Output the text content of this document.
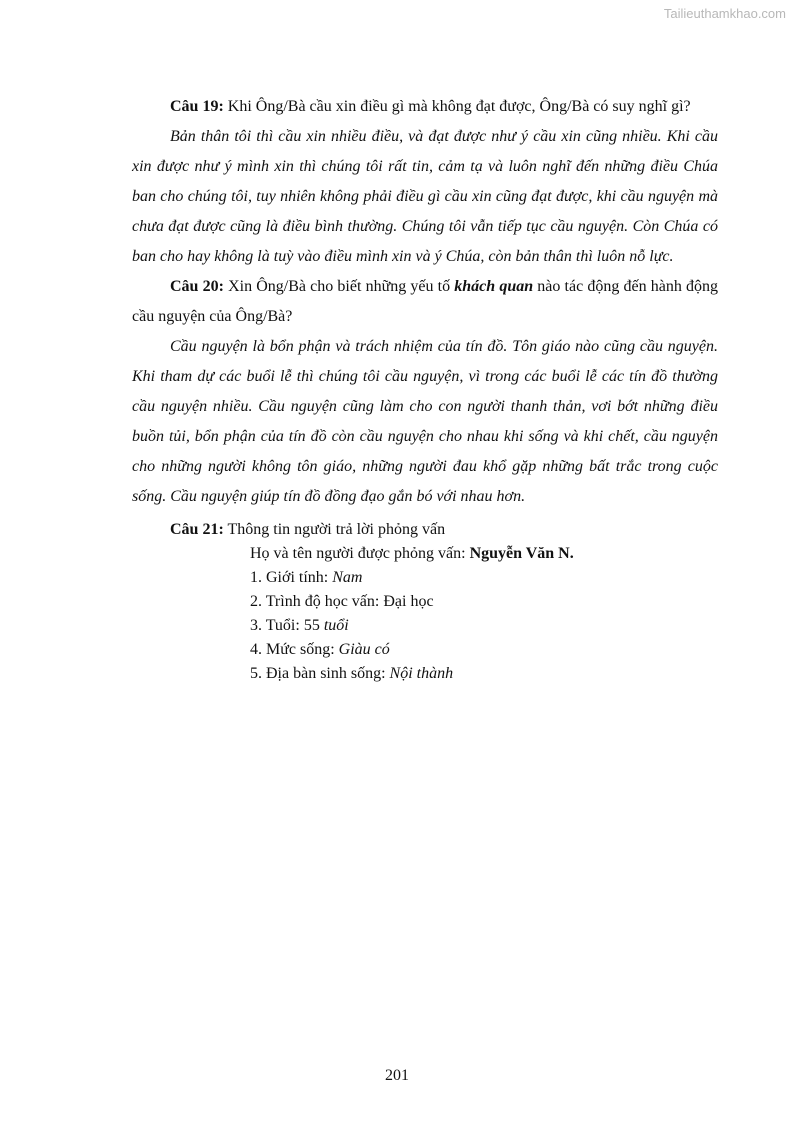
Tailieuthamkhao.com

Câu 19: Khi Ông/Bà cầu xin điều gì mà không đạt được, Ông/Bà có suy nghĩ gì?

Bản thân tôi thì cầu xin nhiều điều, và đạt được như ý cầu xin cũng nhiều. Khi cầu xin được như ý mình xin thì chúng tôi rất tin, cảm tạ và luôn nghĩ đến những điều Chúa ban cho chúng tôi, tuy nhiên không phải điều gì cầu xin cũng đạt được, khi cầu nguyện mà chưa đạt được cũng là điều bình thường. Chúng tôi vẫn tiếp tục cầu nguyện. Còn Chúa có ban cho hay không là tuỳ vào điều mình xin và ý Chúa, còn bản thân thì luôn nỗ lực.

Câu 20: Xin Ông/Bà cho biết những yếu tố khách quan nào tác động đến hành động cầu nguyện của Ông/Bà?

Cầu nguyện là bổn phận và trách nhiệm của tín đồ. Tôn giáo nào cũng cầu nguyện. Khi tham dự các buổi lễ thì chúng tôi cầu nguyện, vì trong các buổi lễ các tín đồ thường cầu nguyện nhiều. Cầu nguyện cũng làm cho con người thanh thản, vơi bớt những điều buồn tủi, bổn phận của tín đồ còn cầu nguyện cho nhau khi sống và khi chết, cầu nguyện cho những người không tôn giáo, những người đau khổ gặp những bất trắc trong cuộc sống. Cầu nguyện giúp tín đồ đồng đạo gắn bó với nhau hơn.

Câu 21: Thông tin người trả lời phỏng vấn

Họ và tên người được phỏng vấn: Nguyễn Văn N.
1. Giới tính: Nam
2. Trình độ học vấn: Đại học
3. Tuổi: 55 tuổi
4. Mức sống: Giàu có
5. Địa bàn sinh sống: Nội thành
201
